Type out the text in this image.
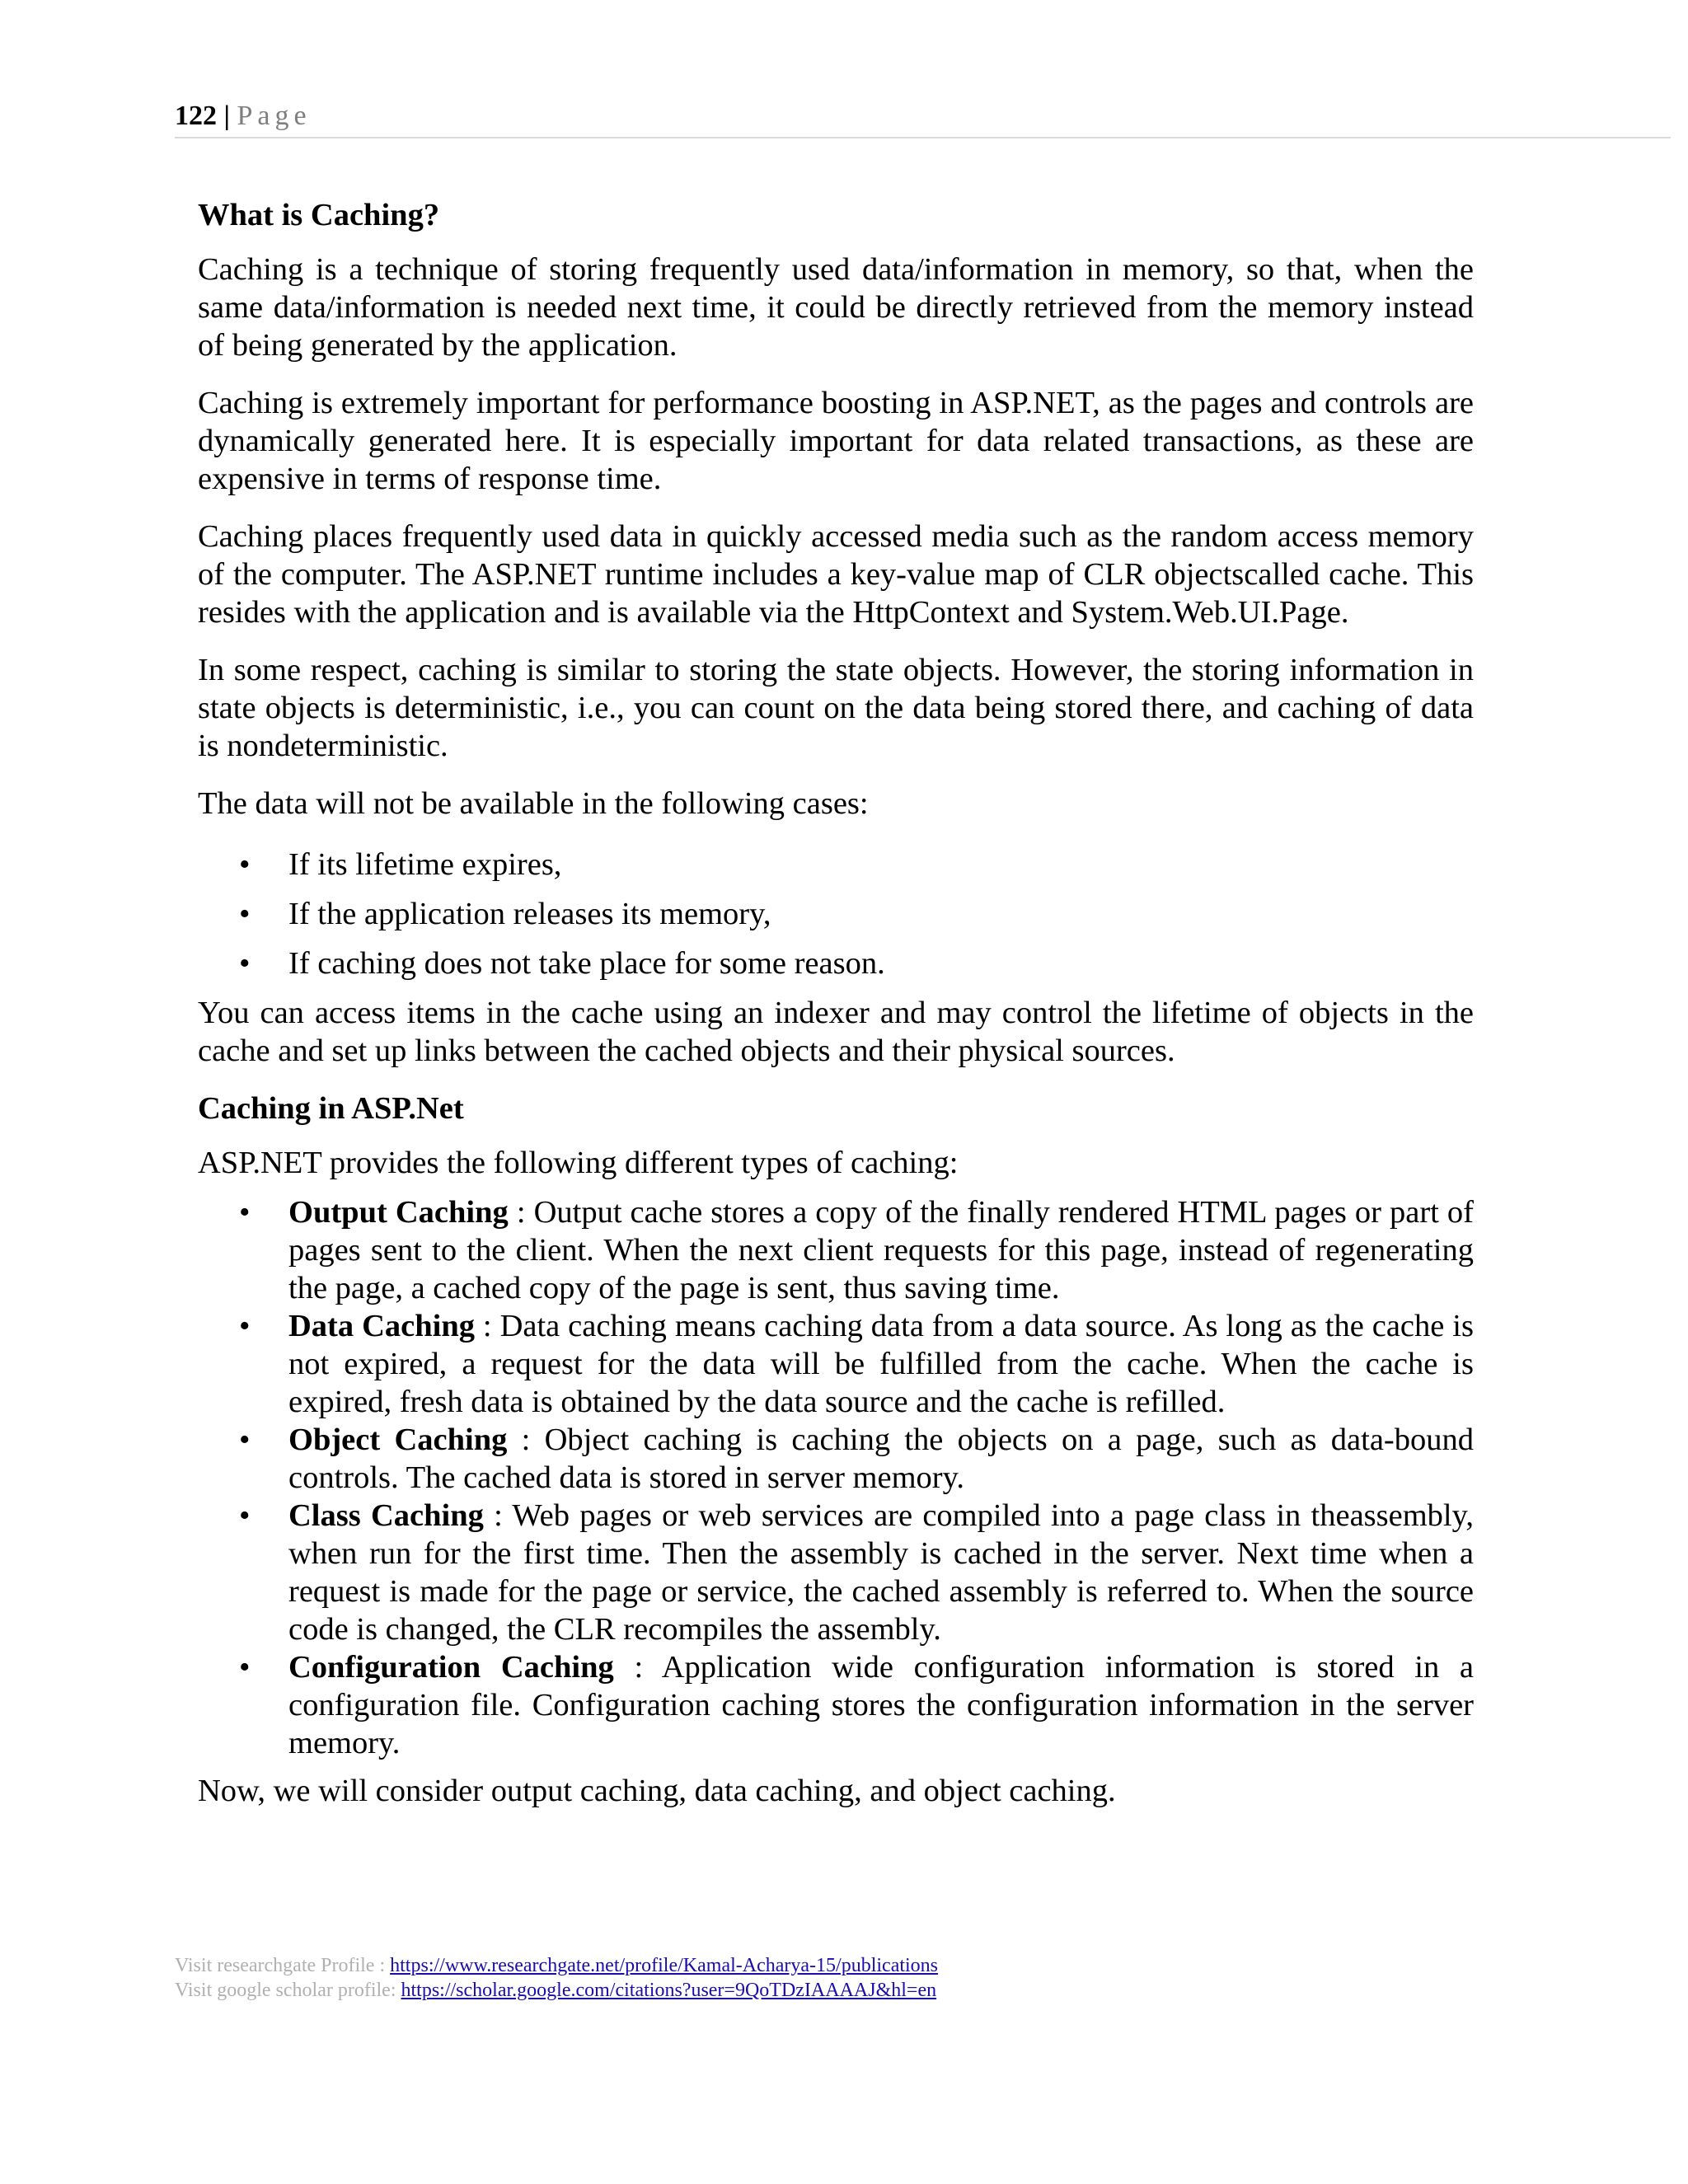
122 | Page
What is Caching?

Caching is a technique of storing frequently used data/information in memory, so that, when the same data/information is needed next time, it could be directly retrieved from the memory instead of being generated by the application.

Caching is extremely important for performance boosting in ASP.NET, as the pages and controls are dynamically generated here. It is especially important for data related transactions, as these are expensive in terms of response time.

Caching places frequently used data in quickly accessed media such as the random access memory of the computer. The ASP.NET runtime includes a key-value map of CLR objectscalled cache. This resides with the application and is available via the HttpContext and System.Web.UI.Page.

In some respect, caching is similar to storing the state objects. However, the storing information in state objects is deterministic, i.e., you can count on the data being stored there, and caching of data is nondeterministic.

The data will not be available in the following cases:

• If its lifetime expires,
• If the application releases its memory,
• If caching does not take place for some reason.

You can access items in the cache using an indexer and may control the lifetime of objects in the cache and set up links between the cached objects and their physical sources.

Caching in ASP.Net

ASP.NET provides the following different types of caching:

• Output Caching : Output cache stores a copy of the finally rendered HTML pages or part of pages sent to the client. When the next client requests for this page, instead of regenerating the page, a cached copy of the page is sent, thus saving time.
• Data Caching : Data caching means caching data from a data source. As long as the cache is not expired, a request for the data will be fulfilled from the cache. When the cache is expired, fresh data is obtained by the data source and the cache is refilled.
• Object Caching : Object caching is caching the objects on a page, such as data-bound controls. The cached data is stored in server memory.
• Class Caching : Web pages or web services are compiled into a page class in theassembly, when run for the first time. Then the assembly is cached in the server. Next time when a request is made for the page or service, the cached assembly is referred to. When the source code is changed, the CLR recompiles the assembly.
• Configuration Caching : Application wide configuration information is stored in a configuration file. Configuration caching stores the configuration information in the server memory.

Now, we will consider output caching, data caching, and object caching.

Visit researchgate Profile : https://www.researchgate.net/profile/Kamal-Acharya-15/publications
Visit google scholar profile: https://scholar.google.com/citations?user=9QoTDzIAAAAJ&hl=en
